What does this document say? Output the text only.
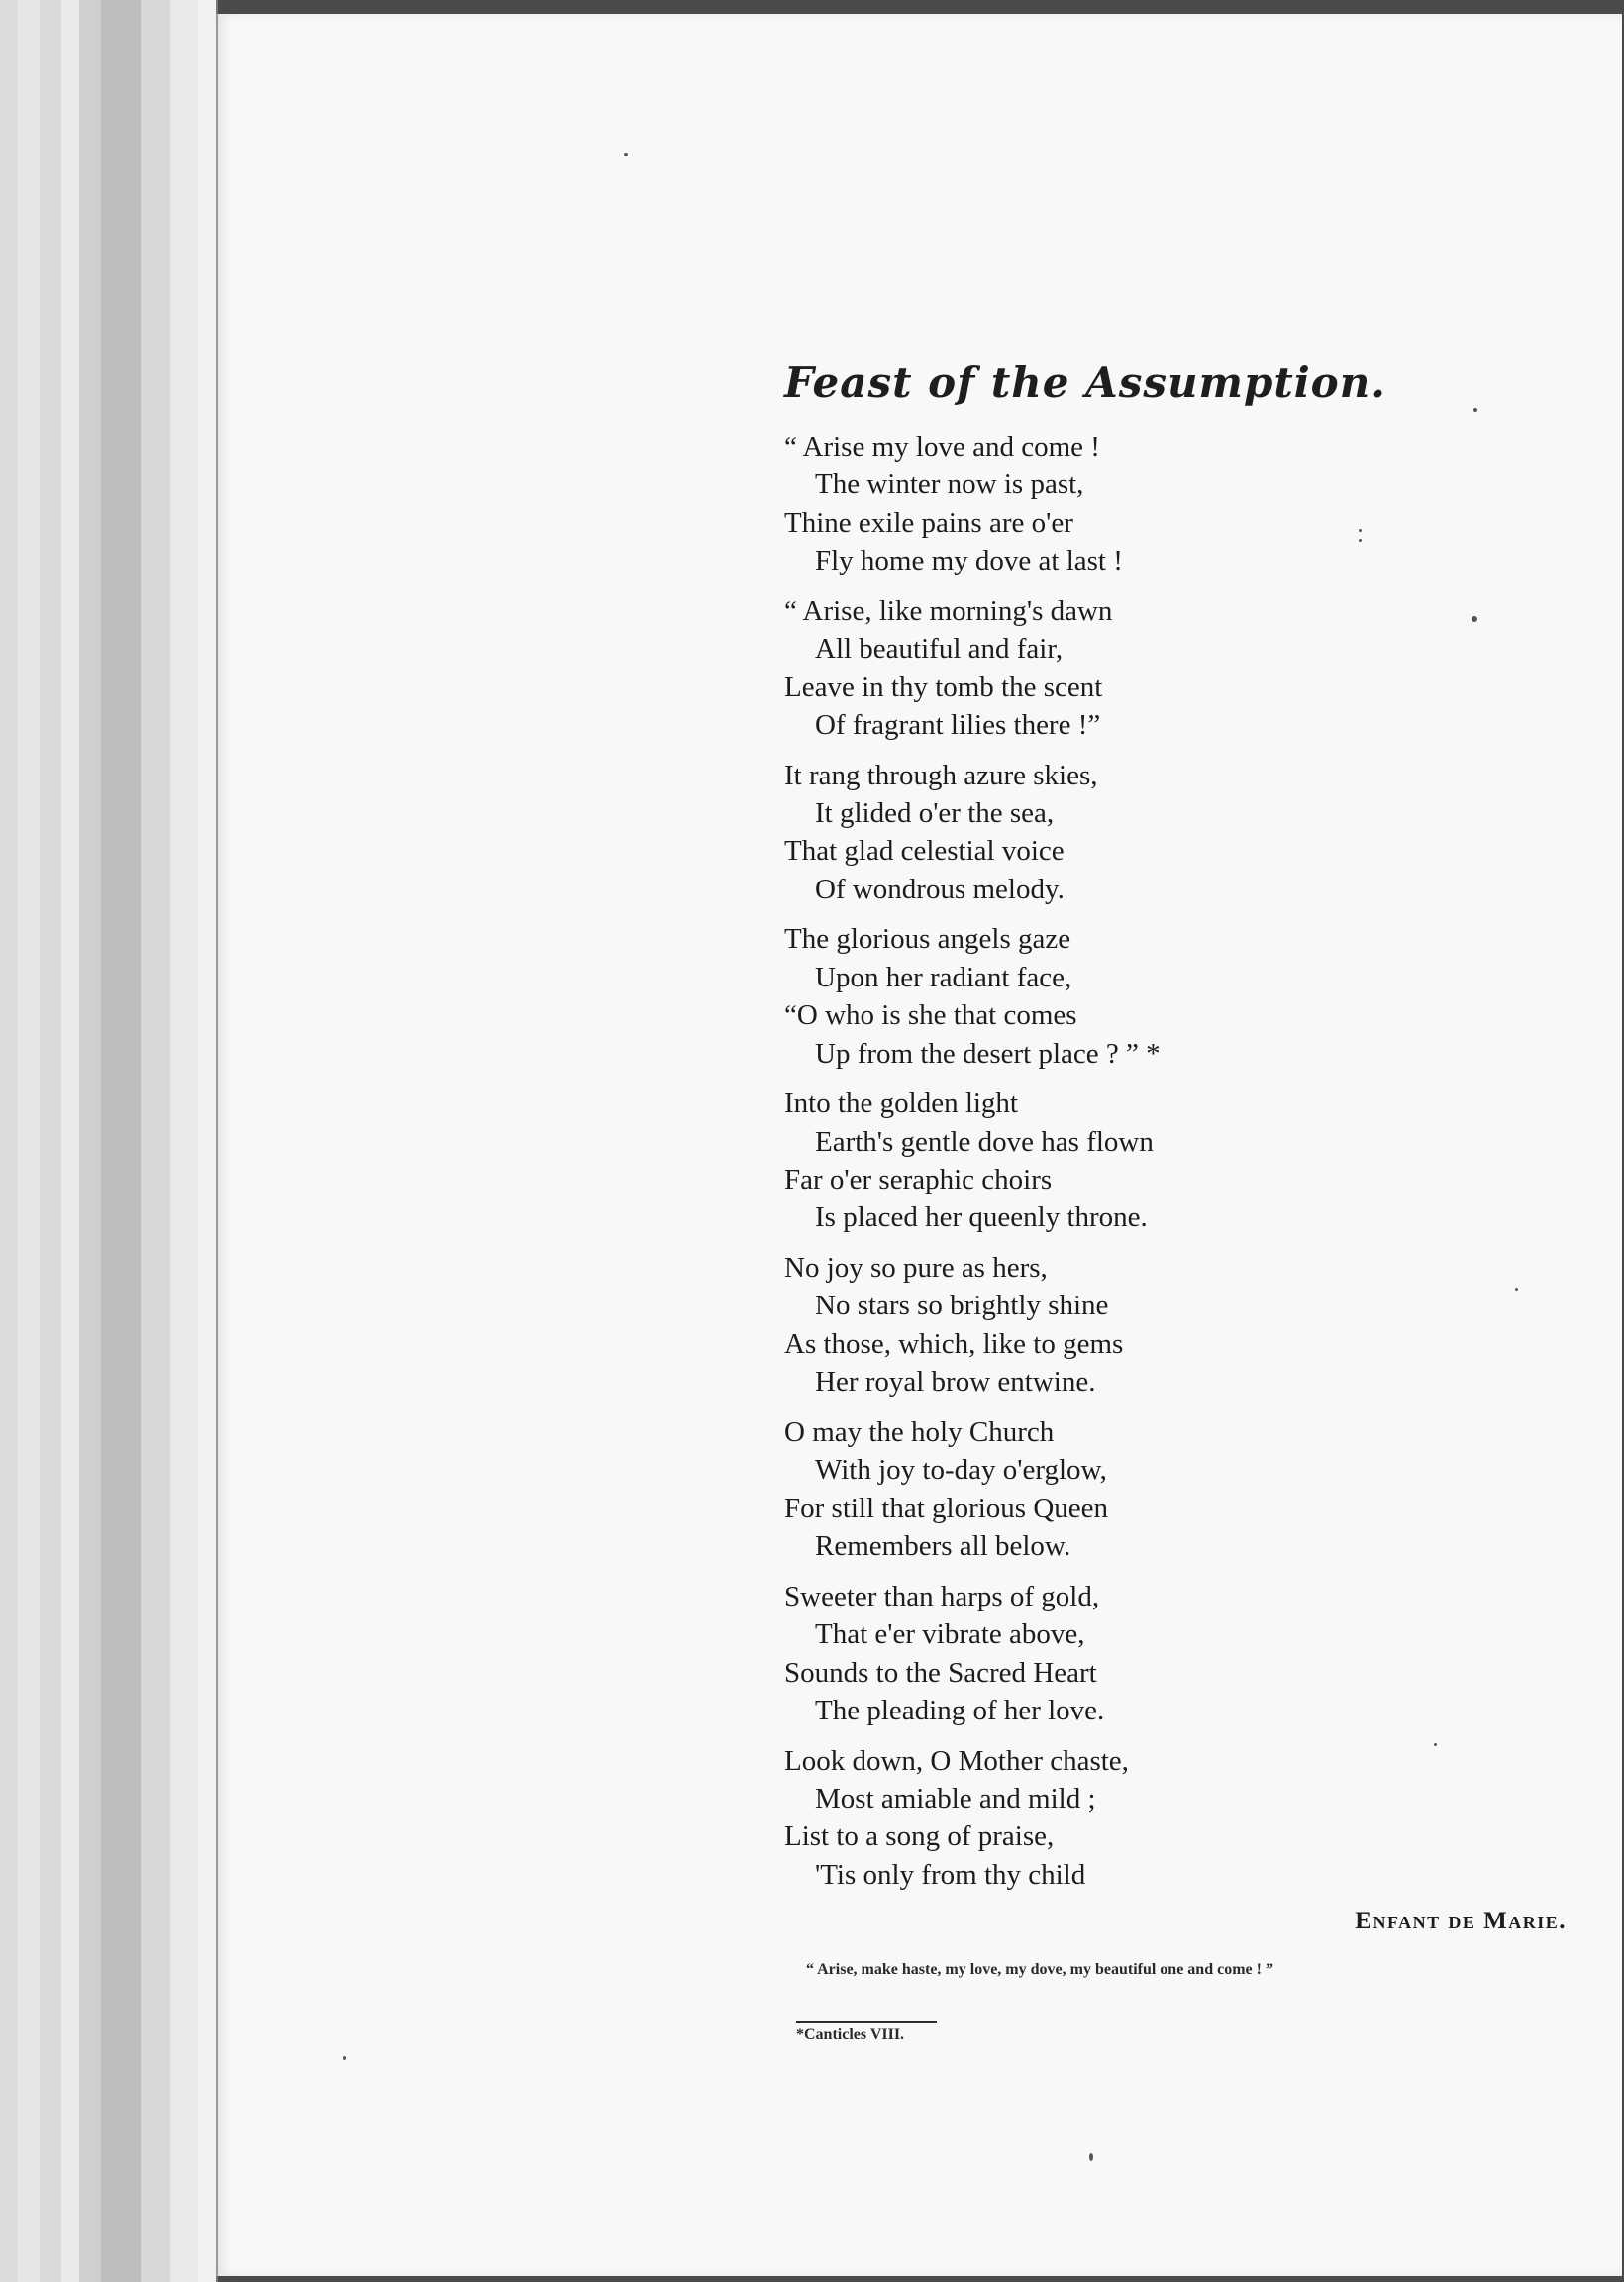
Feast of the Assumption.
“ Arise my love and come !
The winter now is past,
Thine exile pains are o'er
Fly home my dove at last !
“ Arise, like morning's dawn
All beautiful and fair,
Leave in thy tomb the scent
Of fragrant lilies there !”
It rang through azure skies,
It glided o'er the sea,
That glad celestial voice
Of wondrous melody.
The glorious angels gaze
Upon her radiant face,
“O who is she that comes
Up from the desert place ? ” *
Into the golden light
Earth's gentle dove has flown
Far o'er seraphic choirs
Is placed her queenly throne.
No joy so pure as hers,
No stars so brightly shine
As those, which, like to gems
Her royal brow entwine.
O may the holy Church
With joy to-day o'erglow,
For still that glorious Queen
Remembers all below.
Sweeter than harps of gold,
That e'er vibrate above,
Sounds to the Sacred Heart
The pleading of her love.
Look down, O Mother chaste,
Most amiable and mild ;
List to a song of praise,
'Tis only from thy child
Enfant de Marie.
“ Arise, make haste, my love, my dove, my beautiful one and come ! ”
*Canticles VIII.
